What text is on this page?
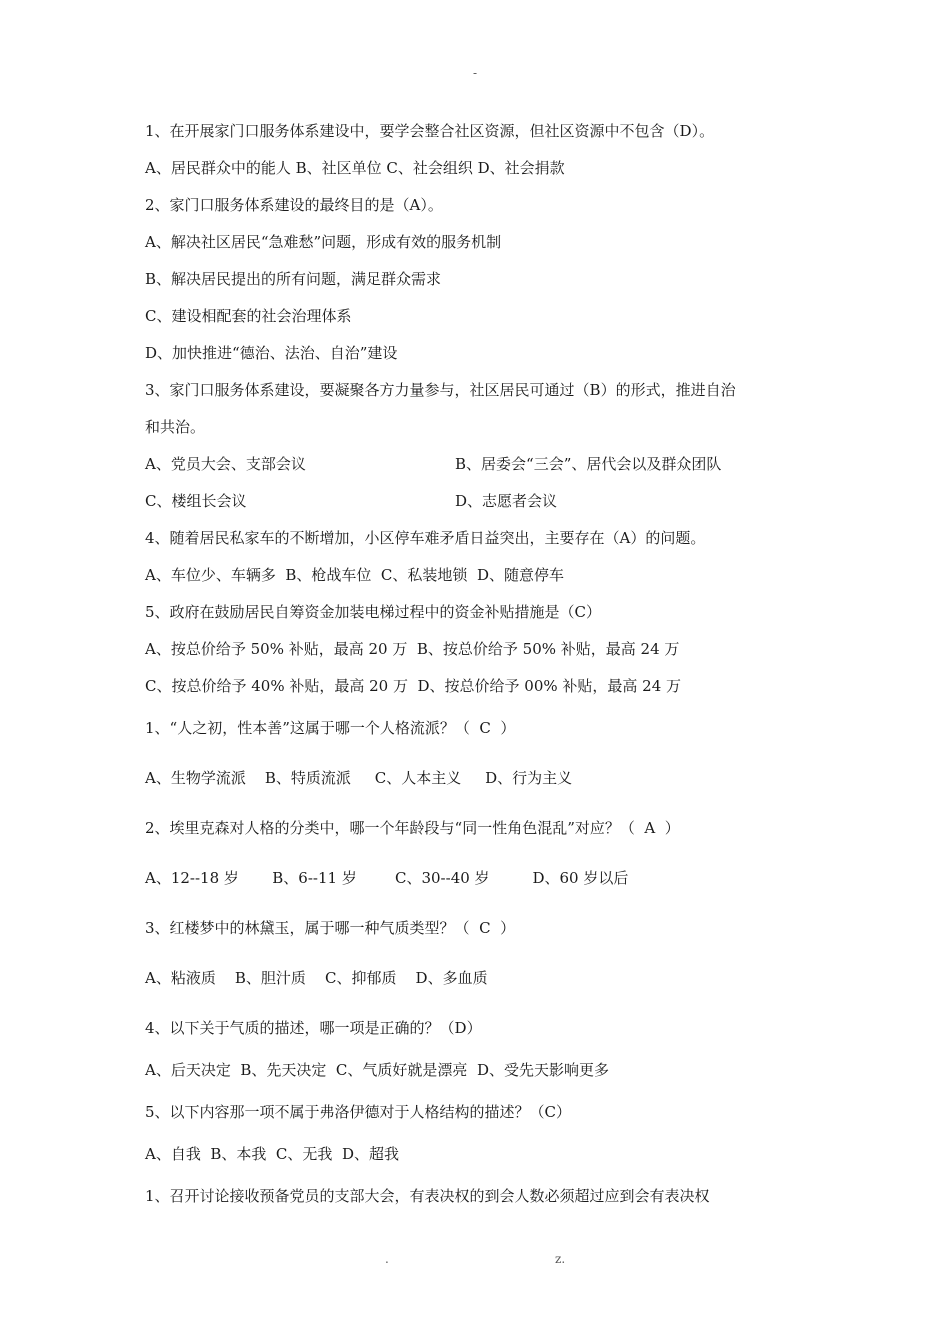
-

1、在开展家门口服务体系建设中，要学会整合社区资源，但社区资源中不包含（D）。

A、居民群众中的能人 B、社区单位 C、社会组织 D、社会捐款

2、家门口服务体系建设的最终目的是（A）。

A、解决社区居民“急难愁”问题，形成有效的服务机制

B、解决居民提出的所有问题，满足群众需求

C、建设相配套的社会治理体系

D、加快推进“德治、法治、自治”建设

3、家门口服务体系建设，要凝聚各方力量参与，社区居民可通过（B）的形式，推进自治

和共治。

A、党员大会、支部会议	B、居委会“三会”、居代会以及群众团队
C、楼组长会议	D、志愿者会议

4、随着居民私家车的不断增加，小区停车难矛盾日益突出，主要存在（A）的问题。

A、车位少、车辆多  B、枪战车位  C、私装地锁  D、随意停车

5、政府在鼓励居民自筹资金加装电梯过程中的资金补贴措施是（C）

A、按总价给予 50% 补贴，最高 20 万  B、按总价给予 50% 补贴，最高 24 万

C、按总价给予 40% 补贴，最高 20 万  D、按总价给予 00% 补贴，最高 24 万

1、“人之初，性本善”这属于哪一个人格流派？（  C  ）

A、生物学流派    B、特质流派     C、人本主义     D、行为主义

2、埃里克森对人格的分类中，哪一个年龄段与“同一性角色混乱”对应？（  A  ）

A、12--18 岁       B、6--11 岁        C、30--40 岁         D、60 岁以后

3、红楼梦中的林黛玉，属于哪一种气质类型？（  C  ）

A、粘液质    B、胆汁质    C、抑郁质    D、多血质

4、以下关于气质的描述，哪一项是正确的？（D）

A、后天决定  B、先天决定  C、气质好就是漂亮  D、受先天影响更多

5、以下内容那一项不属于弗洛伊德对于人格结构的描述？（C）

A、自我  B、本我  C、无我  D、超我

1、召开讨论接收预备党员的支部大会，有表决权的到会人数必须超过应到会有表决权

.	z.
